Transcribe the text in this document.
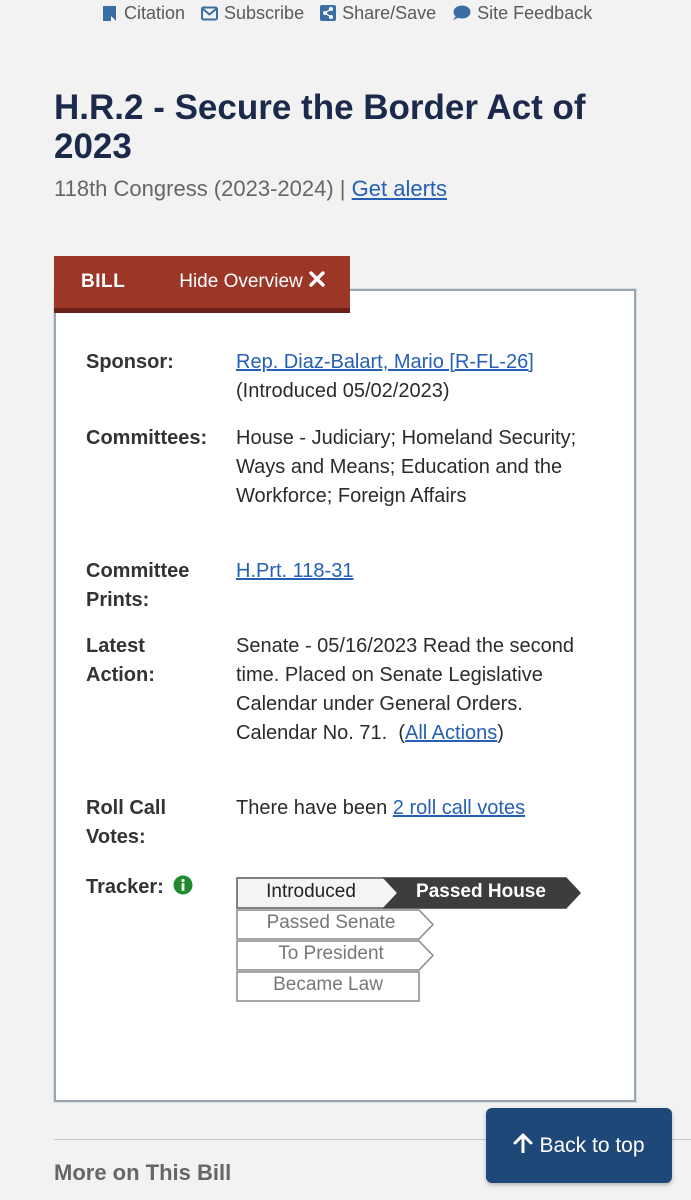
Citation Subscribe Share/Save Site Feedback
H.R.2 - Secure the Border Act of 2023
118th Congress (2023-2024) | Get alerts
BILL	Hide Overview
Sponsor:	Rep. Diaz-Balart, Mario [R-FL-26]
(Introduced 05/02/2023)
Committees:	House - Judiciary; Homeland Security; Ways and Means; Education and the Workforce; Foreign Affairs
Committee Prints:
H.Prt. 118-31
Latest Action:
Senate - 05/16/2023 Read the second time. Placed on Senate Legislative Calendar under General Orders. Calendar No. 71. (All Actions)
Roll Call Votes:
There have been 2 roll call votes
Tracker:	Introduced	Passed House
Passed Senate
To President
Became Law
More on This Bill
Back to top
